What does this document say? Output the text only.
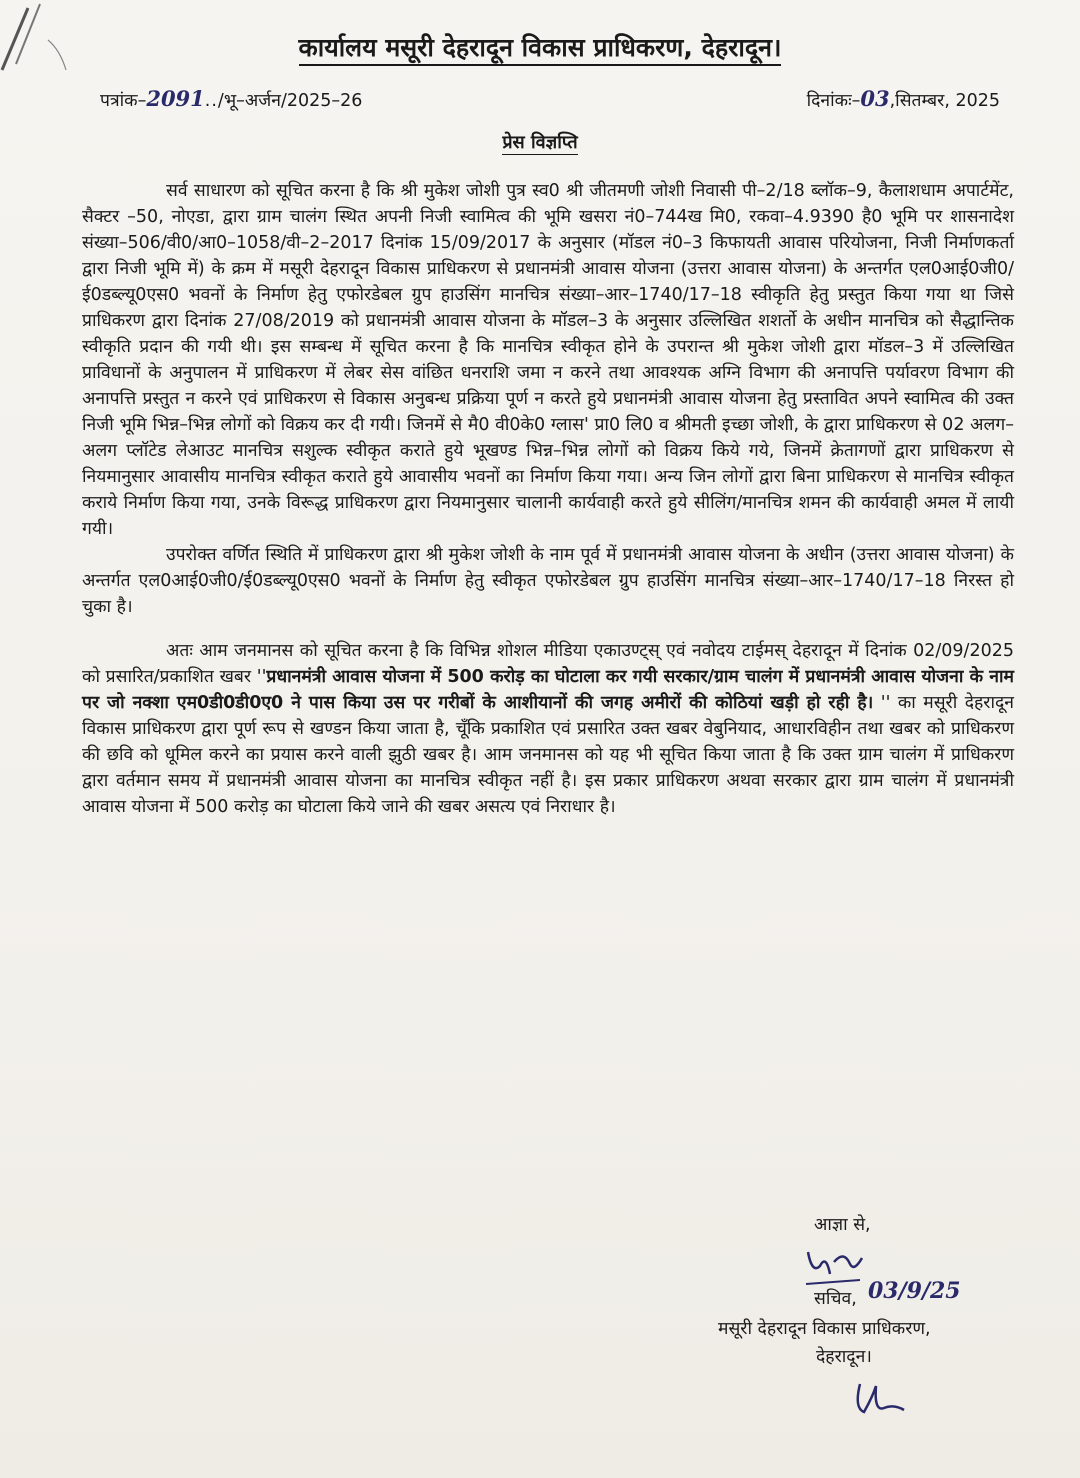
कार्यालय मसूरी देहरादून विकास प्राधिकरण, देहरादून।
पत्रांक–2091../भू–अर्जन/2025–26	दिनांकः–03,सितम्बर, 2025
प्रेस विज्ञप्ति

सर्व साधारण को सूचित करना है कि श्री मुकेश जोशी पुत्र स्व0 श्री जीतमणी जोशी निवासी पी–2/18 ब्लॉक–9, कैलाशधाम अपार्टमेंट, सैक्टर –50, नोएडा, द्वारा ग्राम चालंग स्थित अपनी निजी स्वामित्व की भूमि खसरा नं0–744ख मि0, रकवा–4.9390 है0 भूमि पर शासनादेश संख्या–506/वी0/आ0–1058/वी–2–2017 दिनांक 15/09/2017 के अनुसार (मॉडल नं0–3 किफायती आवास परियोजना, निजी निर्माणकर्ता द्वारा निजी भूमि में) के क्रम में मसूरी देहरादून विकास प्राधिकरण से प्रधानमंत्री आवास योजना (उत्तरा आवास योजना) के अन्तर्गत एल0आई0जी0/ई0डब्ल्यू0एस0 भवनों के निर्माण हेतु एफोरडेबल ग्रुप हाउसिंग मानचित्र संख्या–आर–1740/17–18 स्वीकृति हेतु प्रस्तुत किया गया था जिसे प्राधिकरण द्वारा दिनांक 27/08/2019 को प्रधानमंत्री आवास योजना के मॉडल–3 के अनुसार उल्लिखित शशर्तो के अधीन मानचित्र को सैद्धान्तिक स्वीकृति प्रदान की गयी थी। इस सम्बन्ध में सूचित करना है कि मानचित्र स्वीकृत होने के उपरान्त श्री मुकेश जोशी द्वारा मॉडल–3 में उल्लिखित प्राविधानों के अनुपालन में प्राधिकरण में लेबर सेस वांछित धनराशि जमा न करने तथा आवश्यक अग्नि विभाग की अनापत्ति पर्यावरण विभाग की अनापत्ति प्रस्तुत न करने एवं प्राधिकरण से विकास अनुबन्ध प्रक्रिया पूर्ण न करते हुये प्रधानमंत्री आवास योजना हेतु प्रस्तावित अपने स्वामित्व की उक्त निजी भूमि भिन्न–भिन्न लोगों को विक्रय कर दी गयी। जिनमें से मै0 वी0के0 ग्लास' प्रा0 लि0 व श्रीमती इच्छा जोशी, के द्वारा प्राधिकरण से 02 अलग–अलग प्लॉटेड लेआउट मानचित्र सशुल्क स्वीकृत कराते हुये भूखण्ड भिन्न–भिन्न लोगों को विक्रय किये गये, जिनमें क्रेतागणों द्वारा प्राधिकरण से नियमानुसार आवासीय मानचित्र स्वीकृत कराते हुये आवासीय भवनों का निर्माण किया गया। अन्य जिन लोगों द्वारा बिना प्राधिकरण से मानचित्र स्वीकृत कराये निर्माण किया गया, उनके विरूद्ध प्राधिकरण द्वारा नियमानुसार चालानी कार्यवाही करते हुये सीलिंग/मानचित्र शमन की कार्यवाही अमल में लायी गयी।

उपरोक्त वर्णित स्थिति में प्राधिकरण द्वारा श्री मुकेश जोशी के नाम पूर्व में प्रधानमंत्री आवास योजना के अधीन (उत्तरा आवास योजना) के अन्तर्गत एल0आई0जी0/ई0डब्ल्यू0एस0 भवनों के निर्माण हेतु स्वीकृत एफोरडेबल ग्रुप हाउसिंग मानचित्र संख्या–आर–1740/17–18 निरस्त हो चुका है।

अतः आम जनमानस को सूचित करना है कि विभिन्न शोशल मीडिया एकाउण्ट्स् एवं नवोदय टाईमस् देहरादून में दिनांक 02/09/2025 को प्रसारित/प्रकाशित खबर ''प्रधानमंत्री आवास योजना में 500 करोड़ का घोटाला कर गयी सरकार/ग्राम चालंग में प्रधानमंत्री आवास योजना के नाम पर जो नक्शा एम0डी0डी0ए0 ने पास किया उस पर गरीबों के आशीयानों की जगह अमीरों की कोठियां खड़ी हो रही है। '' का मसूरी देहरादून विकास प्राधिकरण द्वारा पूर्ण रूप से खण्डन किया जाता है, चूँकि प्रकाशित एवं प्रसारित उक्त खबर वेबुनियाद, आधारविहीन तथा खबर को प्राधिकरण की छवि को धूमिल करने का प्रयास करने वाली झुठी खबर है। आम जनमानस को यह भी सूचित किया जाता है कि उक्त ग्राम चालंग में प्राधिकरण द्वारा वर्तमान समय में प्रधानमंत्री आवास योजना का मानचित्र स्वीकृत नहीं है। इस प्रकार प्राधिकरण अथवा सरकार द्वारा ग्राम चालंग में प्रधानमंत्री आवास योजना में 500 करोड़ का घोटाला किये जाने की खबर असत्य एवं निराधार है।

आज्ञा से,
सचिव, 03/9/25
मसूरी देहरादून विकास प्राधिकरण,
देहरादून।
